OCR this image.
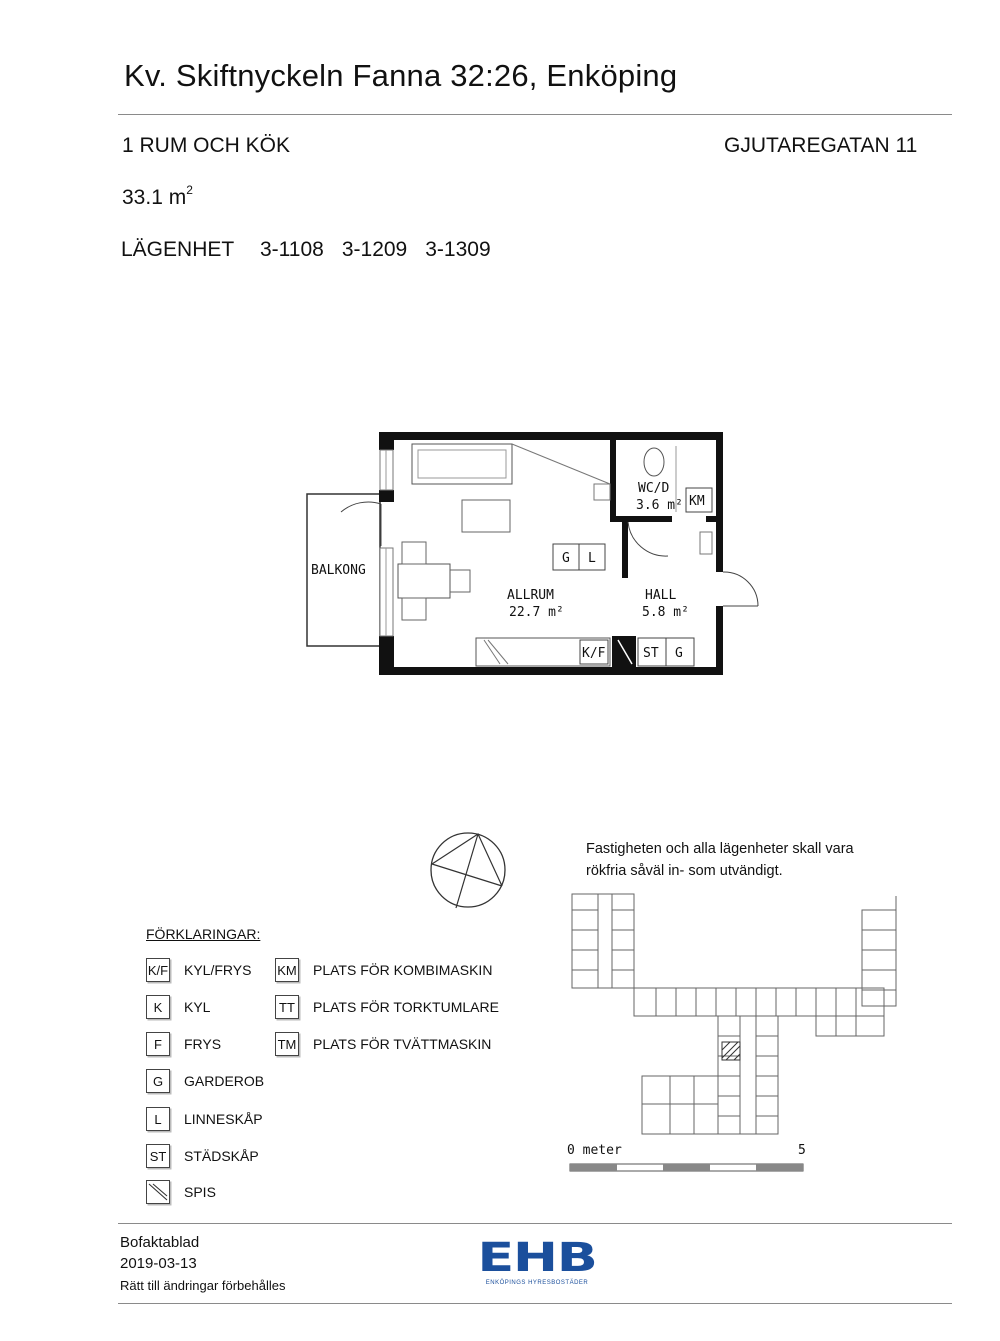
Kv. Skiftnyckeln Fanna 32:26, Enköping
1 RUM OCH KÖK	GJUTAREGATAN 11
33.1 $m^2$
LÄGENHET	3-1108 3-1209 3-1309
G L
K/F	ST G
KM
BALKONG
ALLRUM
22.7 m²
HALL
5.8 m²
WC/D
3.6 m²
FÖRKLARINGAR:
K/F KYL/FRYS
K	KYL
F	FRYS
G	GARDEROB
L	LINNESKÅP
ST STÄDSKÅP
SPIS
KM PLATS FÖR KOMBIMASKIN
TT PLATS FÖR TORKTUMLARE
TM PLATS FÖR TVÄTTMASKIN
Fastigheten och alla lägenheter skall vara rökfria såväl in- som utvändigt.
0 meter	5
Bofaktablad
2019-03-13
Rätt till ändringar förbehålles
EHB
ENKÖPINGS HYRESBOSTÄDER
